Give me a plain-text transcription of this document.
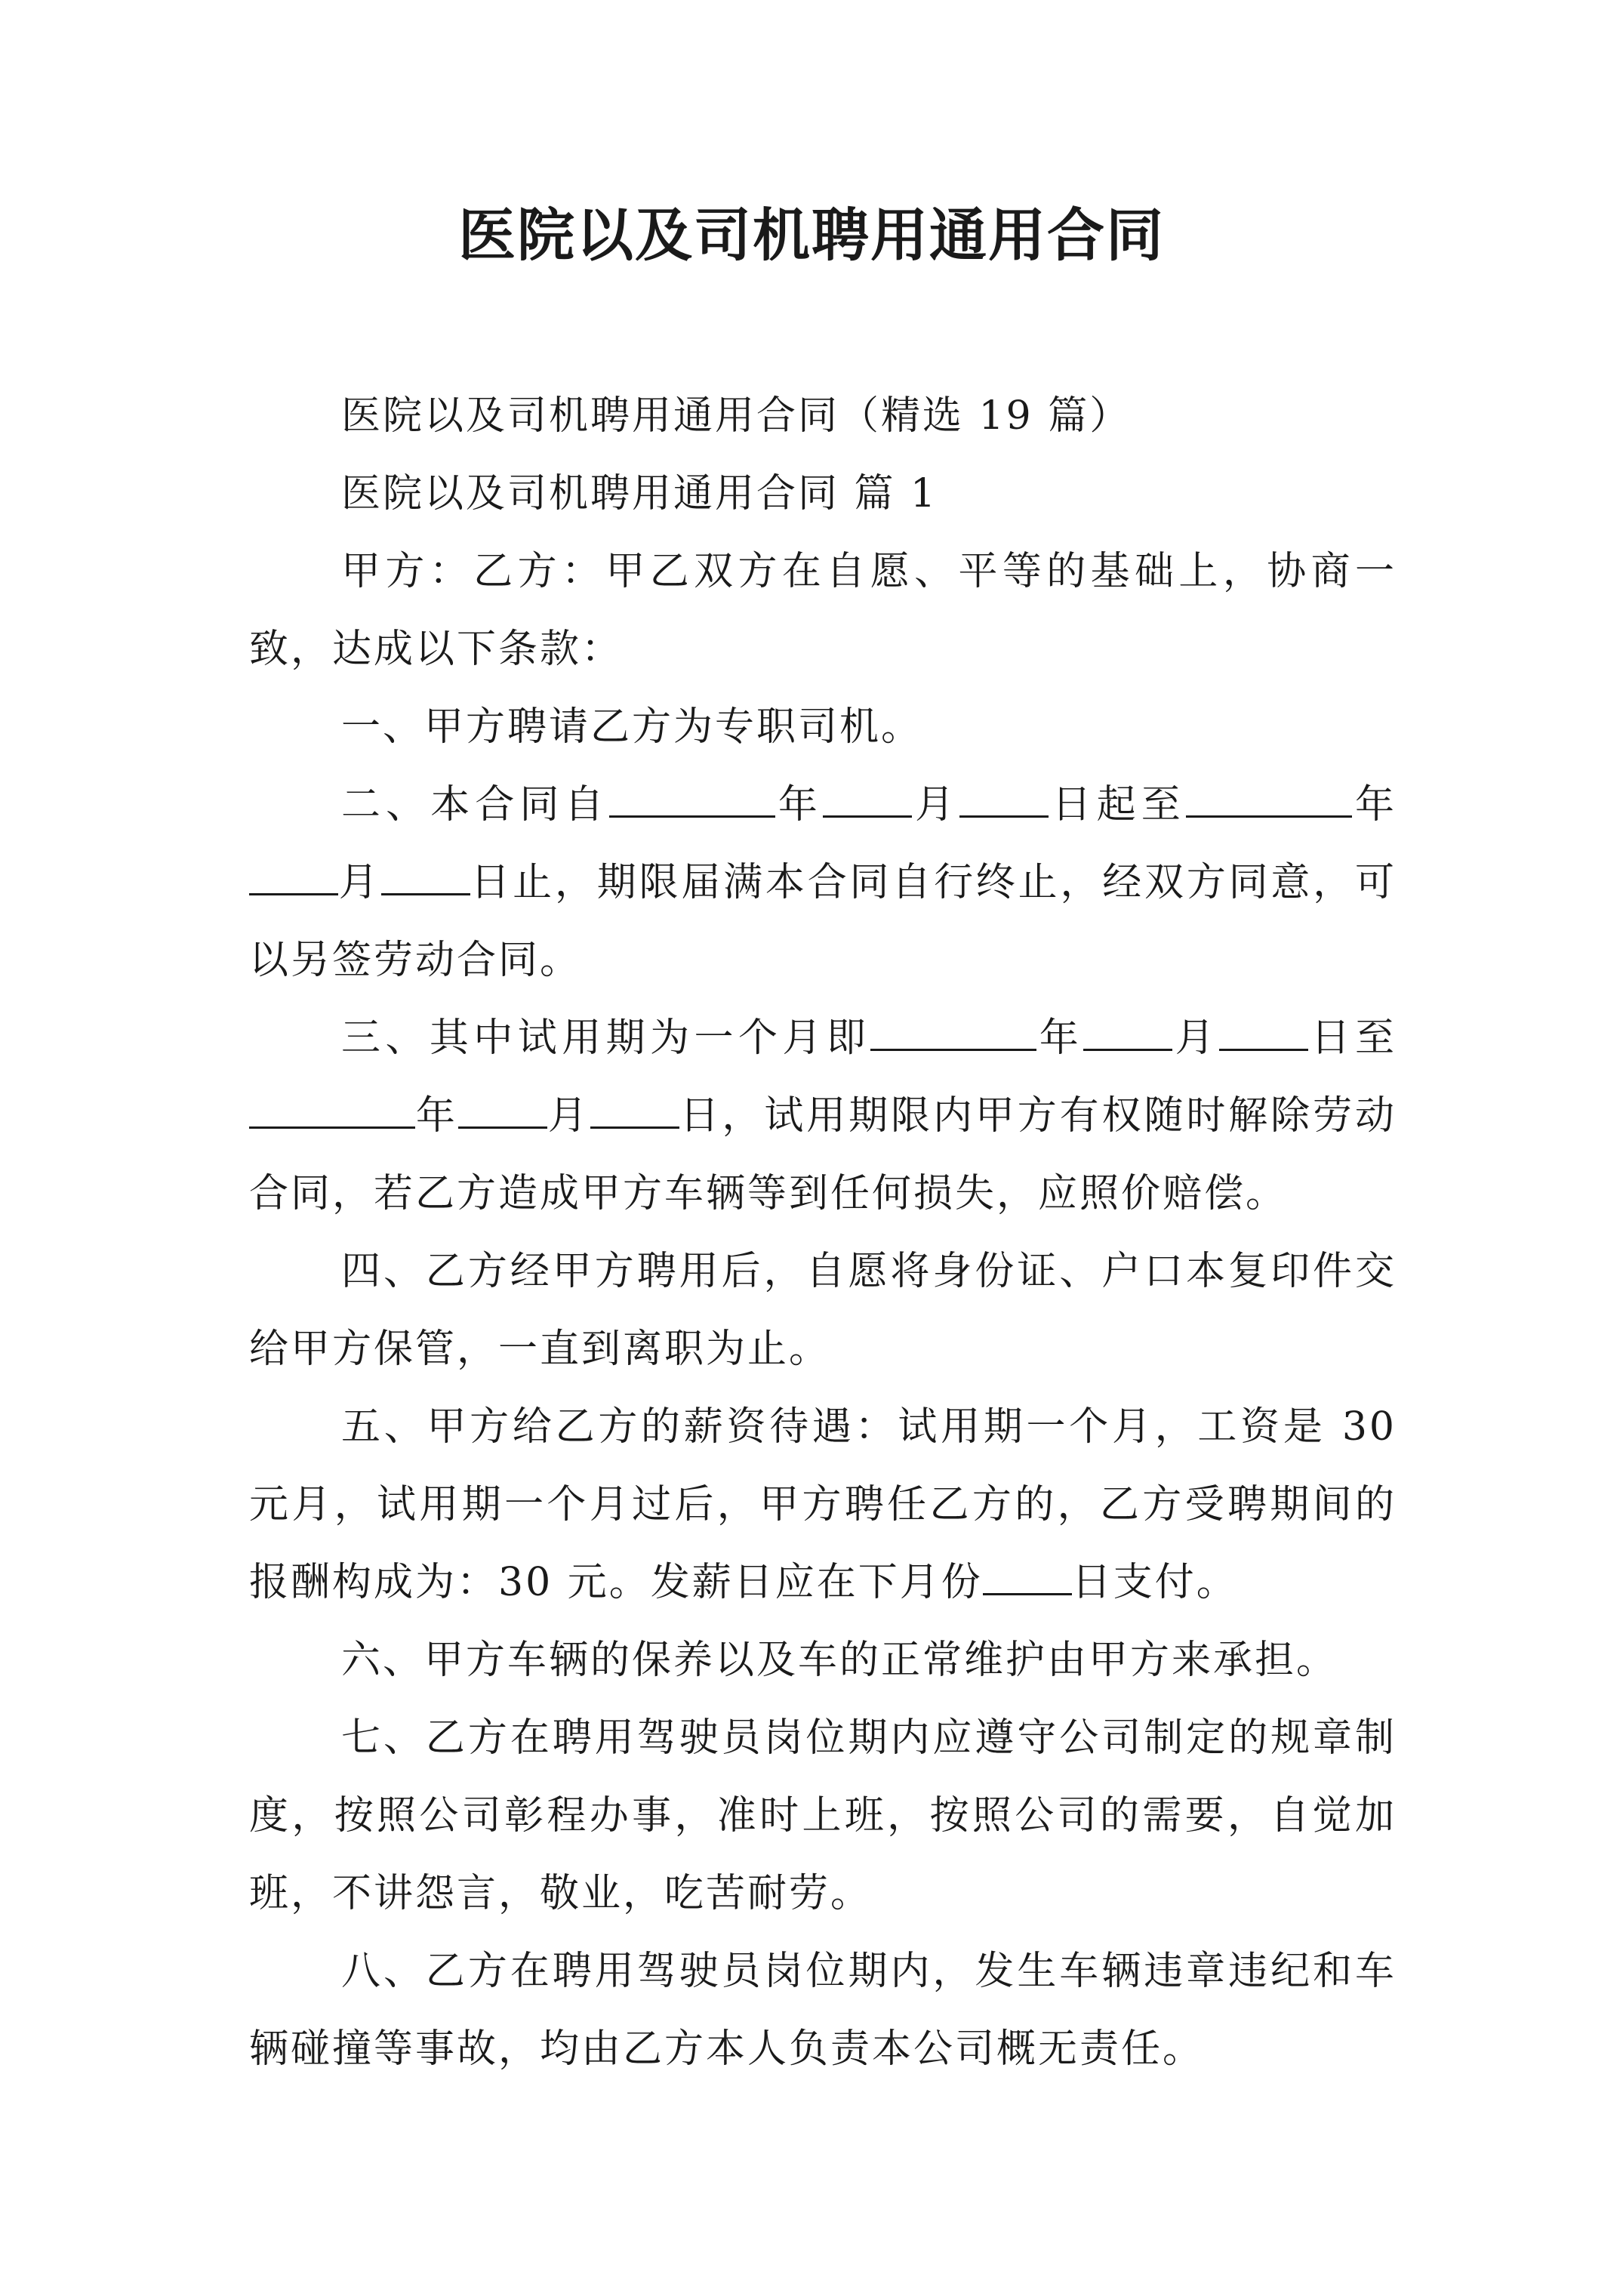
医院以及司机聘用通用合同

医院以及司机聘用通用合同（精选 19 篇）

医院以及司机聘用通用合同 篇 1

甲方：乙方：甲乙双方在自愿、平等的基础上，协商一致，达成以下条款：

一、甲方聘请乙方为专职司机。

二、本合同自	年 月 日起至	年月 日止，期限届满本合同自行终止，经双方同意，可以另签劳动合同。

三、其中试用期为一个月即	年 月 日至年 月 日，试用期限内甲方有权随时解除劳动合同，若乙方造成甲方车辆等到任何损失，应照价赔偿。

四、乙方经甲方聘用后，自愿将身份证、户口本复印件交给甲方保管，一直到离职为止。

五、甲方给乙方的薪资待遇：试用期一个月，工资是 30 元月，试用期一个月过后，甲方聘任乙方的，乙方受聘期间的报酬构成为：30 元。发薪日应在下月份 日支付。

六、甲方车辆的保养以及车的正常维护由甲方来承担。

七、乙方在聘用驾驶员岗位期内应遵守公司制定的规章制度，按照公司彰程办事，准时上班，按照公司的需要，自觉加班，不讲怨言，敬业，吃苦耐劳。

八、乙方在聘用驾驶员岗位期内，发生车辆违章违纪和车辆碰撞等事故，均由乙方本人负责本公司概无责任。
